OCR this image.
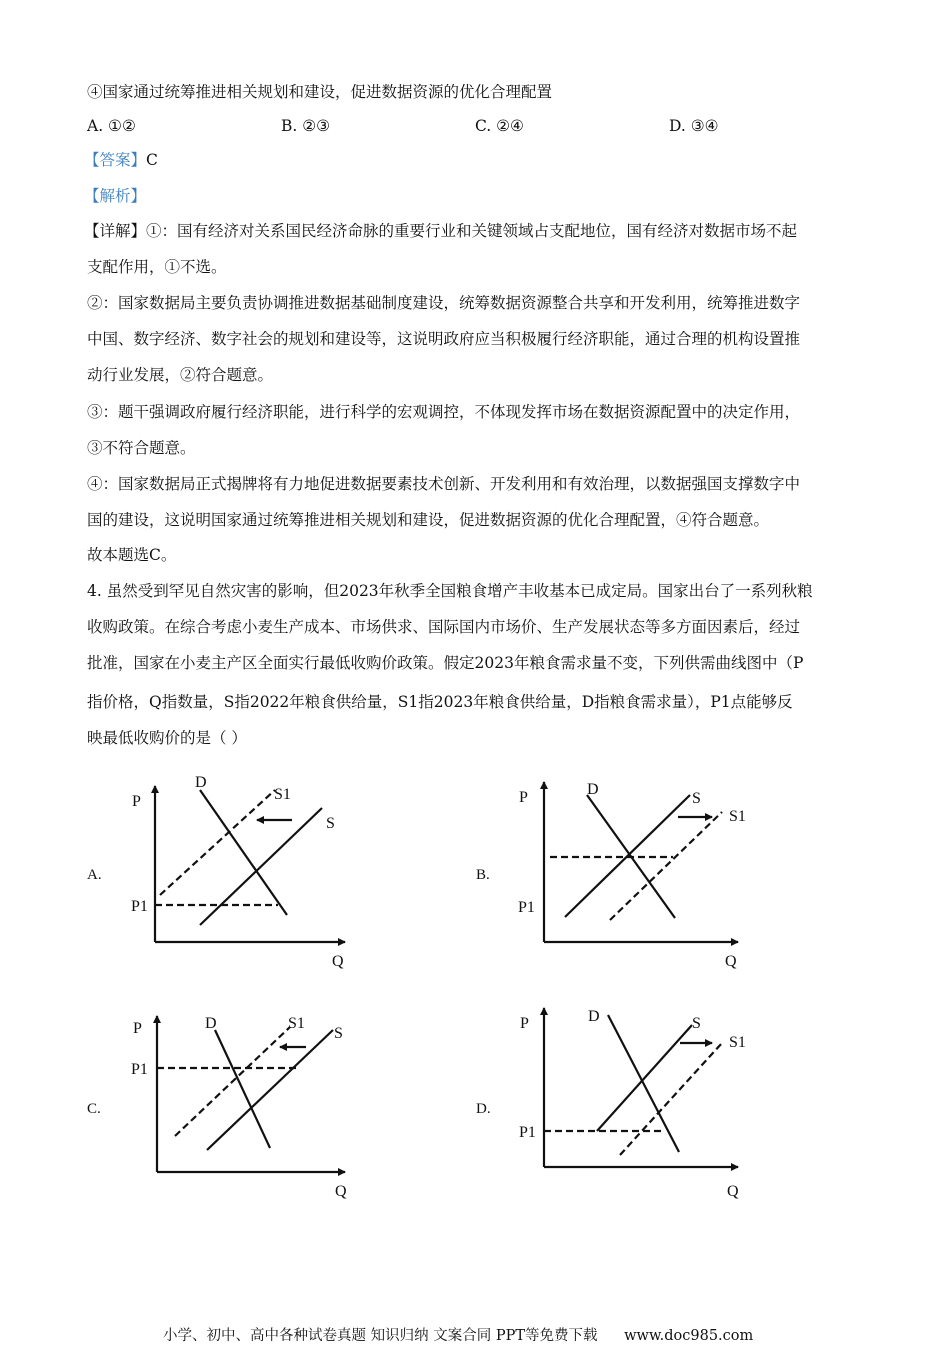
④国家通过统筹推进相关规划和建设，促进数据资源的优化合理配置
A. ①②	B. ②③	C. ②④	D. ③④
【答案】C
【解析】
【详解】①：国有经济对关系国民经济命脉的重要行业和关键领域占支配地位，国有经济对数据市场不起
支配作用，①不选。
②：国家数据局主要负责协调推进数据基础制度建设，统筹数据资源整合共享和开发利用，统筹推进数字
中国、数字经济、数字社会的规划和建设等，这说明政府应当积极履行经济职能，通过合理的机构设置推
动行业发展，②符合题意。
③：题干强调政府履行经济职能，进行科学的宏观调控，不体现发挥市场在数据资源配置中的决定作用，
③不符合题意。
④：国家数据局正式揭牌将有力地促进数据要素技术创新、开发利用和有效治理，以数据强国支撑数字中
国的建设，这说明国家通过统筹推进相关规划和建设，促进数据资源的优化合理配置，④符合题意。
故本题选C。
4. 虽然受到罕见自然灾害的影响，但2023年秋季全国粮食增产丰收基本已成定局。国家出台了一系列秋粮
收购政策。在综合考虑小麦生产成本、市场供求、国际国内市场价、生产发展状态等多方面因素后，经过
批准，国家在小麦主产区全面实行最低收购价政策。假定2023年粮食需求量不变，下列供需曲线图中（P
指价格，Q指数量，S指2022年粮食供给量，S1指2023年粮食供给量，D指粮食需求量），P1点能够反
映最低收购价的是（ ）
A.
P
Q
D
S1
S
P1
B.
P
Q
D
S
S1
P1
C.
P
Q
D	S1
S
P1
D.
P
Q
D	S
S1
P1
小学、初中、高中各种试卷真题 知识归纳 文案合同 PPT等免费下载 www.doc985.com
